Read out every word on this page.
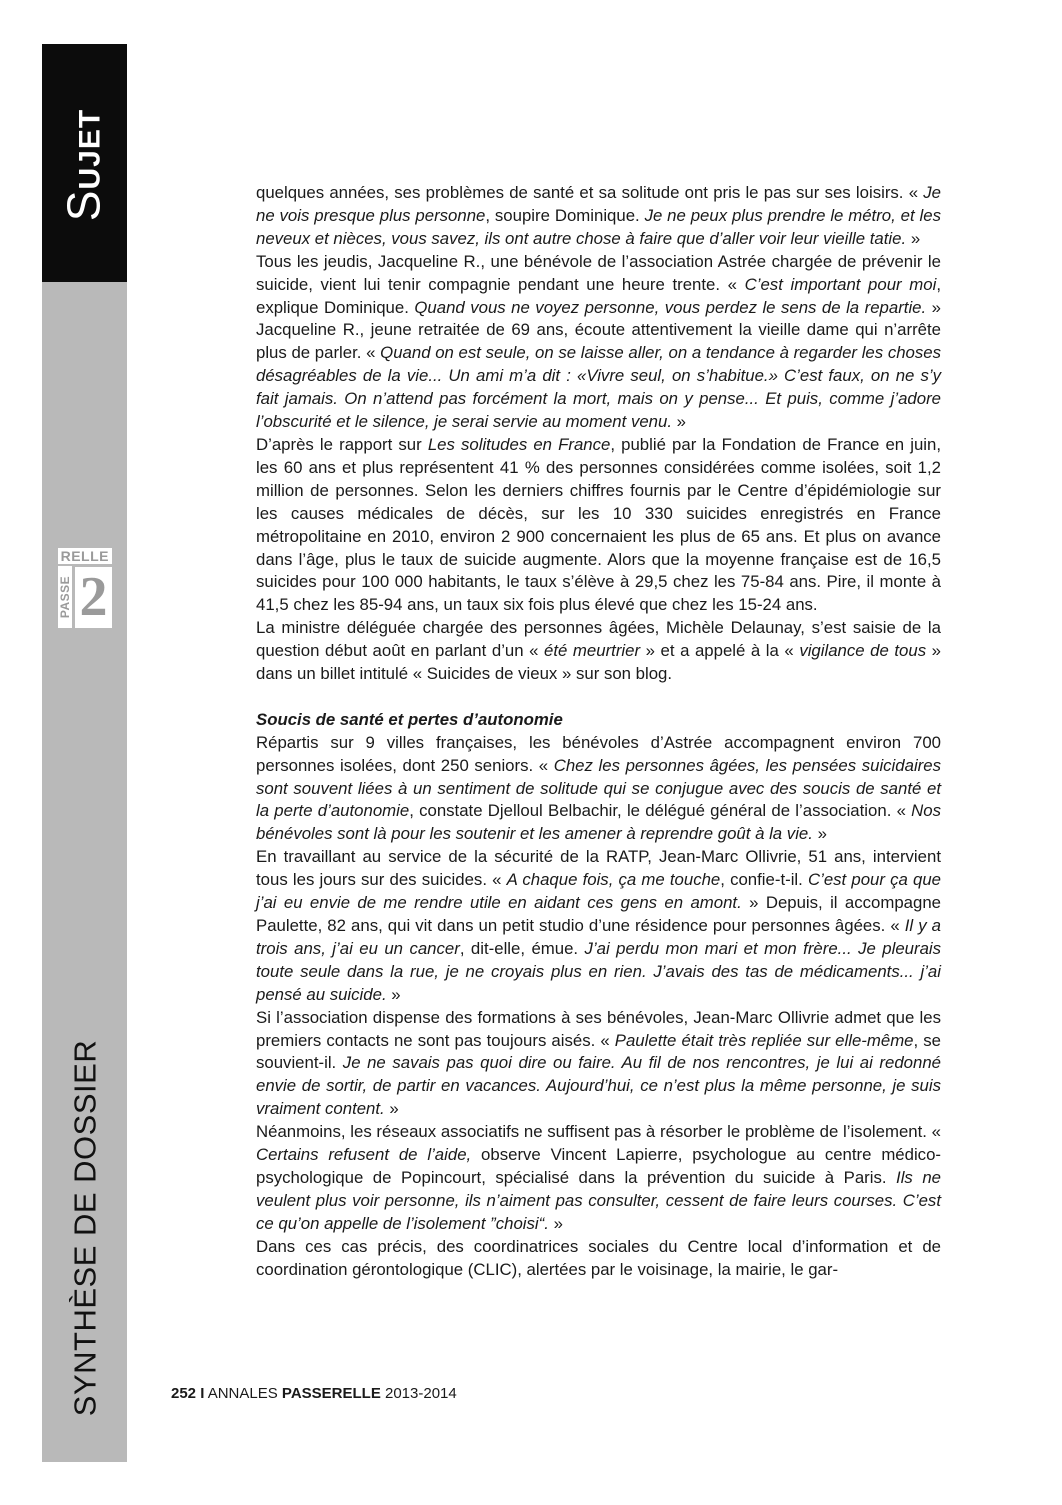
SUJET
RELLE
PASSE 2
SYNTHÈSE DE DOSSIER

quelques années, ses problèmes de santé et sa solitude ont pris le pas sur ses loisirs. « Je ne vois presque plus personne, soupire Dominique. Je ne peux plus prendre le métro, et les neveux et nièces, vous savez, ils ont autre chose à faire que d’aller voir leur vieille tatie. »

Tous les jeudis, Jacqueline R., une bénévole de l’association Astrée chargée de prévenir le suicide, vient lui tenir compagnie pendant une heure trente. « C’est important pour moi, explique Dominique. Quand vous ne voyez personne, vous perdez le sens de la repartie. » Jacqueline R., jeune retraitée de 69 ans, écoute attentivement la vieille dame qui n’arrête plus de parler. « Quand on est seule, on se laisse aller, on a tendance à regarder les choses désagréables de la vie... Un ami m’a dit : «Vivre seul, on s’habitue.» C’est faux, on ne s’y fait jamais. On n’attend pas forcément la mort, mais on y pense... Et puis, comme j’adore l’obscurité et le silence, je serai servie au moment venu. »

D’après le rapport sur Les solitudes en France, publié par la Fondation de France en juin, les 60 ans et plus représentent 41 % des personnes considérées comme isolées, soit 1,2 million de personnes. Selon les derniers chiffres fournis par le Centre d’épidémiologie sur les causes médicales de décès, sur les 10 330 suicides enregistrés en France métropolitaine en 2010, environ 2 900 concernaient les plus de 65 ans. Et plus on avance dans l’âge, plus le taux de suicide augmente. Alors que la moyenne française est de 16,5 suicides pour 100 000 habitants, le taux s’élève à 29,5 chez les 75-84 ans. Pire, il monte à 41,5 chez les 85-94 ans, un taux six fois plus élevé que chez les 15-24 ans.

La ministre déléguée chargée des personnes âgées, Michèle Delaunay, s’est saisie de la question début août en parlant d’un « été meurtrier » et a appelé à la « vigilance de tous » dans un billet intitulé « Suicides de vieux » sur son blog.

Soucis de santé et pertes d’autonomie

Répartis sur 9 villes françaises, les bénévoles d’Astrée accompagnent environ 700 personnes isolées, dont 250 seniors. « Chez les personnes âgées, les pensées suicidaires sont souvent liées à un sentiment de solitude qui se conjugue avec des soucis de santé et la perte d’autonomie, constate Djelloul Belbachir, le délégué général de l’association. « Nos bénévoles sont là pour les soutenir et les amener à reprendre goût à la vie. »

En travaillant au service de la sécurité de la RATP, Jean-Marc Ollivrie, 51 ans, intervient tous les jours sur des suicides. « A chaque fois, ça me touche, confie-t-il. C’est pour ça que j’ai eu envie de me rendre utile en aidant ces gens en amont. » Depuis, il accompagne Paulette, 82 ans, qui vit dans un petit studio d’une résidence pour personnes âgées. « Il y a trois ans, j’ai eu un cancer, dit-elle, émue. J’ai perdu mon mari et mon frère... Je pleurais toute seule dans la rue, je ne croyais plus en rien. J’avais des tas de médicaments... j’ai pensé au suicide. »

Si l’association dispense des formations à ses bénévoles, Jean-Marc Ollivrie admet que les premiers contacts ne sont pas toujours aisés. « Paulette était très repliée sur elle-même, se souvient-il. Je ne savais pas quoi dire ou faire. Au fil de nos rencontres, je lui ai redonné envie de sortir, de partir en vacances. Aujourd’hui, ce n’est plus la même personne, je suis vraiment content. »

Néanmoins, les réseaux associatifs ne suffisent pas à résorber le problème de l’isolement. « Certains refusent de l’aide, observe Vincent Lapierre, psychologue au centre médico-psychologique de Popincourt, spécialisé dans la prévention du suicide à Paris. Ils ne veulent plus voir personne, ils n’aiment pas consulter, cessent de faire leurs courses. C’est ce qu’on appelle de l’isolement ”choisi“. »

Dans ces cas précis, des coordinatrices sociales du Centre local d’information et de coordination gérontologique (CLIC), alertées par le voisinage, la mairie, le gar-

252 I ANNALES PASSERELLE 2013-2014
